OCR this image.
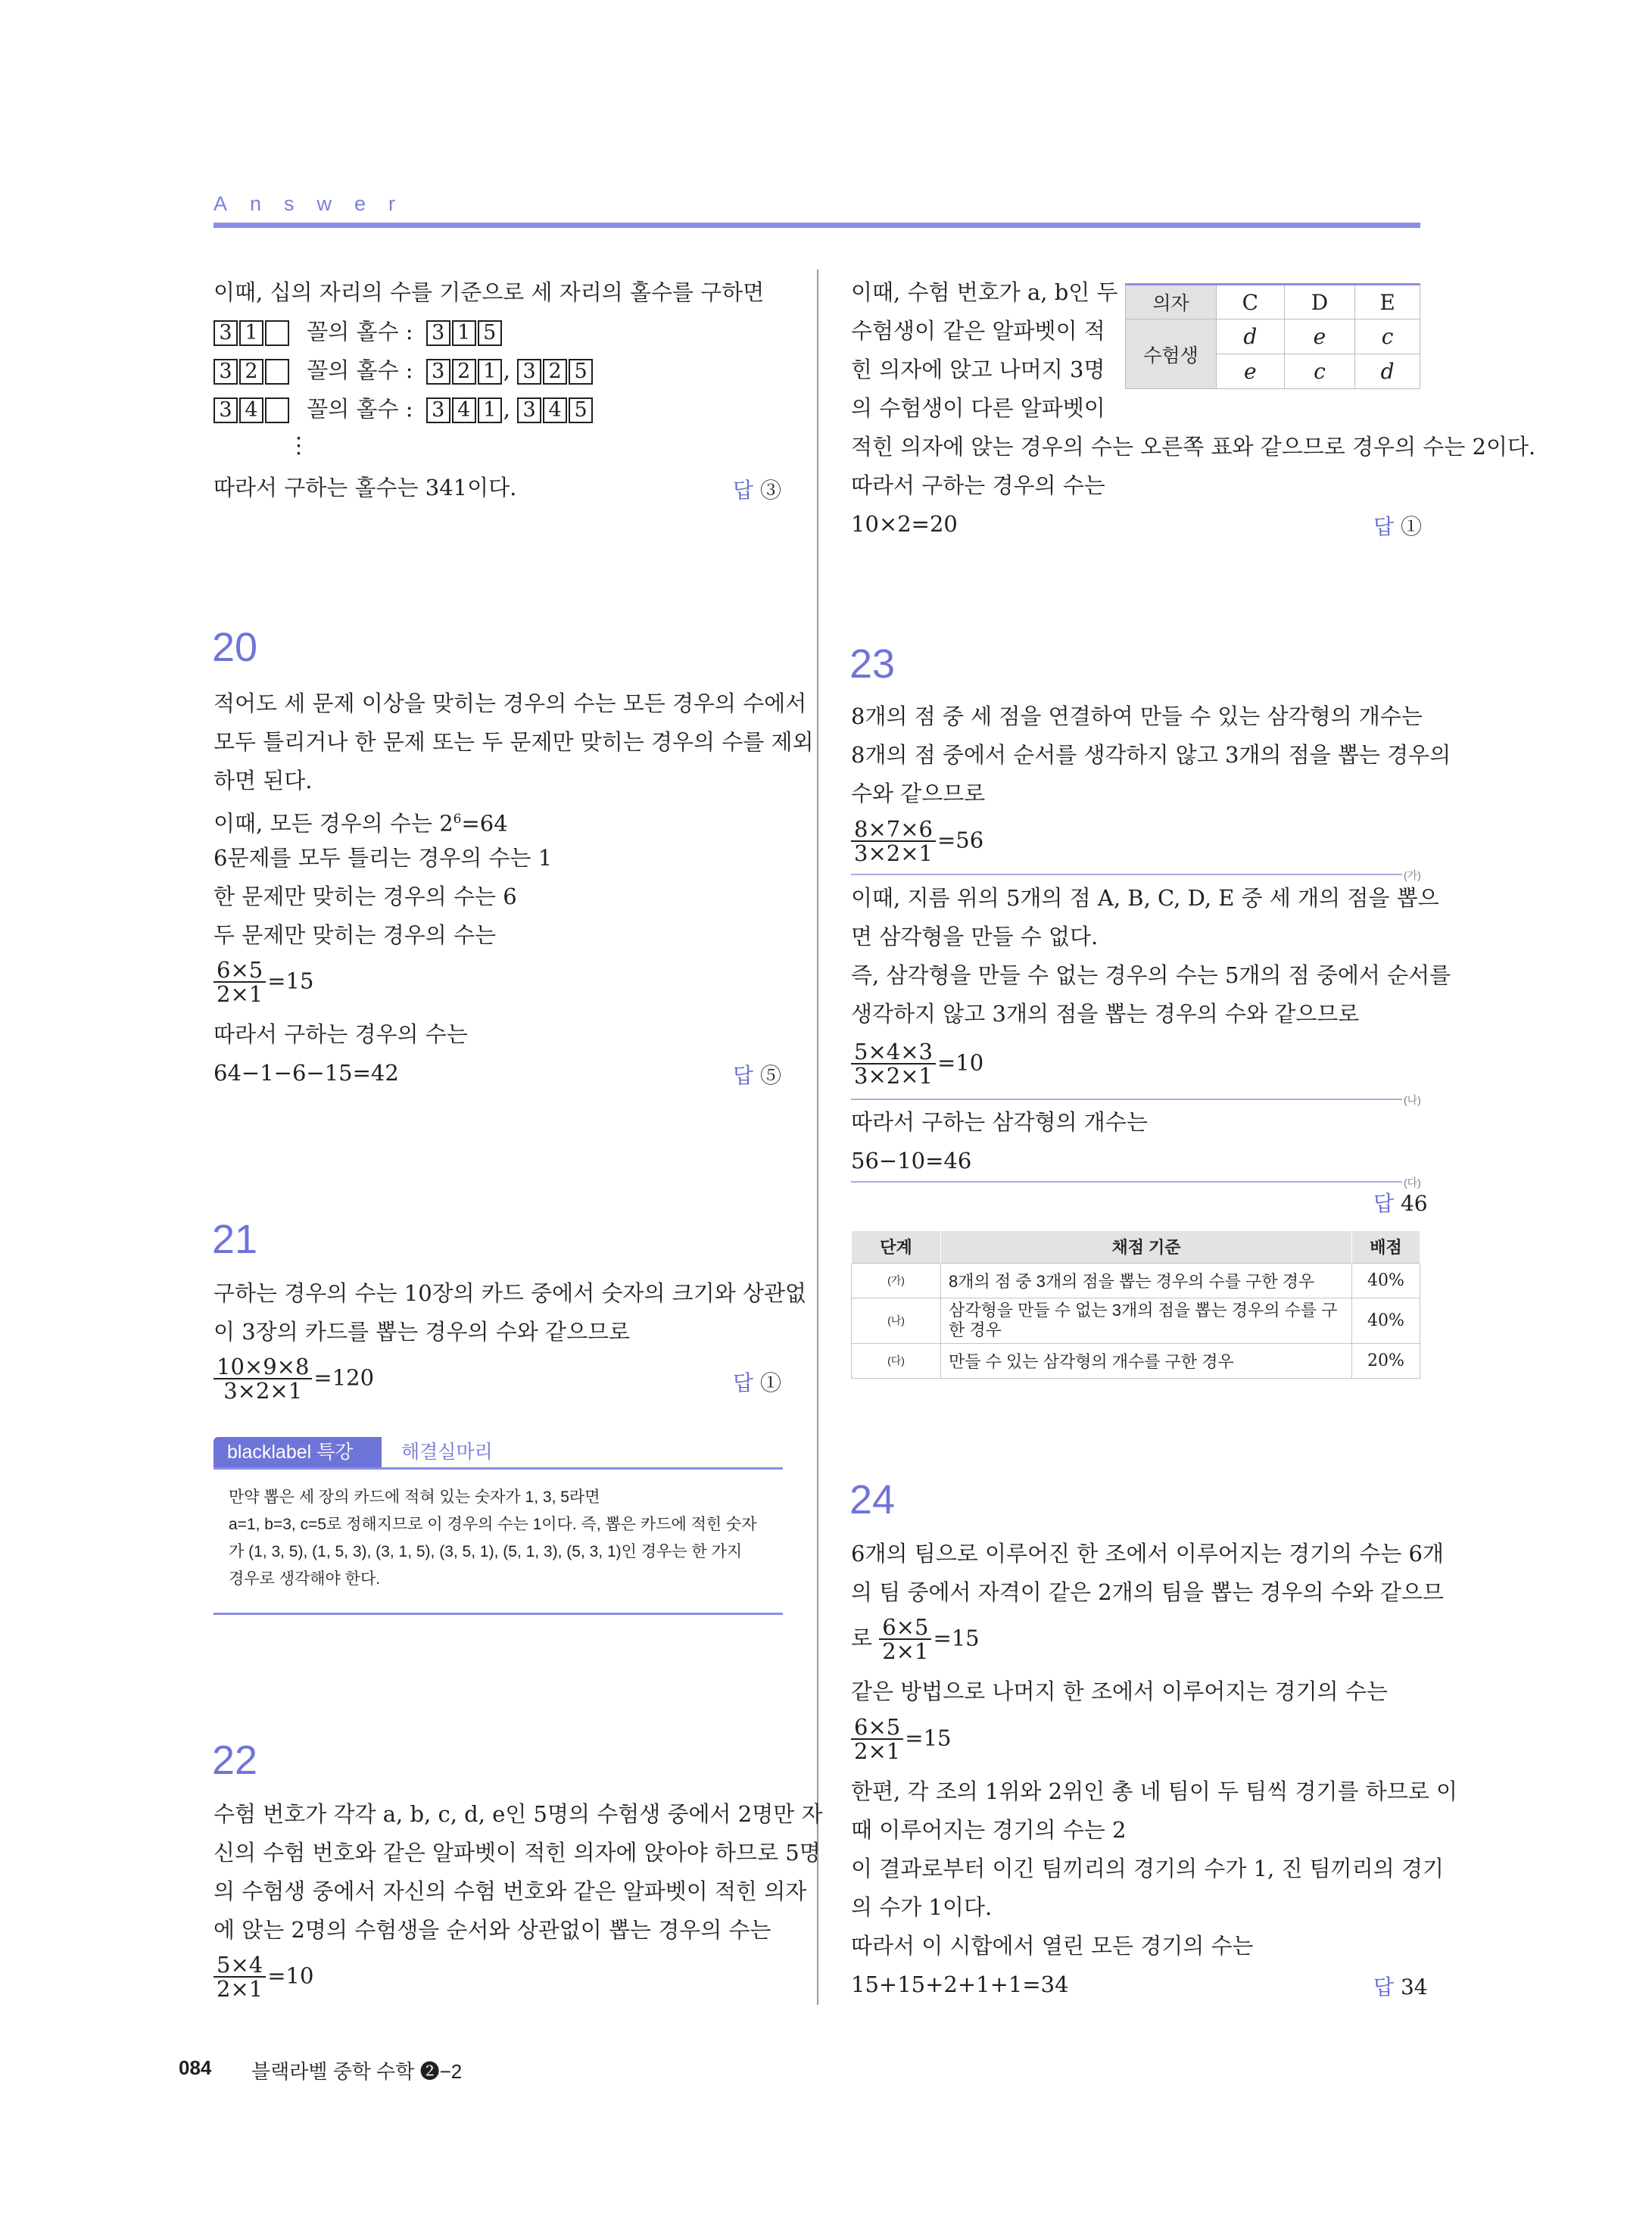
Answer
이때, 십의 자리의 수를 기준으로 세 자리의 홀수를 구하면
3 1 꼴의 홀수 : 3 1 5
3 2 꼴의 홀수 : 3 2 1 , 3 2 5
3 4 꼴의 홀수 : 3 4 1 , 3 4 5
⋮
따라서 구하는 홀수는 341이다.	답 ③
20
적어도 세 문제 이상을 맞히는 경우의 수는 모든 경우의 수에서
모두 틀리거나 한 문제 또는 두 문제만 맞히는 경우의 수를 제외
하면 된다.
이때, 모든 경우의 수는 $2^6=64$
6문제를 모두 틀리는 경우의 수는 1
한 문제만 맞히는 경우의 수는 6
두 문제만 맞히는 경우의 수는
$\frac{6\times 5}{2\times 1} =15$
따라서 구하는 경우의 수는
64−1−6−15=42	답 ⑤
21
구하는 경우의 수는 10장의 카드 중에서 숫자의 크기와 상관없
이 3장의 카드를 뽑는 경우의 수와 같으므로
$\frac{10\times 9\times 8}{3\times 2\times 1} =120$	답 ①
blacklabel 특강	해결실마리
만약 뽑은 세 장의 카드에 적혀 있는 숫자가 1, 3, 5라면
a=1, b=3, c=5로 정해지므로 이 경우의 수는 1이다. 즉, 뽑은 카드에 적힌 숫자
가 (1, 3, 5), (1, 5, 3), (3, 1, 5), (3, 5, 1), (5, 1, 3), (5, 3, 1)인 경우는 한 가지
경우로 생각해야 한다.
22
수험 번호가 각각 a, b, c, d, e인 5명의 수험생 중에서 2명만 자
신의 수험 번호와 같은 알파벳이 적힌 의자에 앉아야 하므로 5명
의 수험생 중에서 자신의 수험 번호와 같은 알파벳이 적힌 의자
에 앉는 2명의 수험생을 순서와 상관없이 뽑는 경우의 수는
$\frac{5\times 4}{2\times 1} =10$
이때, 수험 번호가 a, b인 두
수험생이 같은 알파벳이 적
힌 의자에 앉고 나머지 3명
의 수험생이 다른 알파벳이
적힌 의자에 앉는 경우의 수는 오른쪽 표와 같으므로 경우의 수는 2이다.
따라서 구하는 경우의 수는
10×2=20	답 ①
의자	C	D	E
수험생	d	e	c
	e	c	d
23
8개의 점 중 세 점을 연결하여 만들 수 있는 삼각형의 개수는
8개의 점 중에서 순서를 생각하지 않고 3개의 점을 뽑는 경우의
수와 같으므로
$\frac{8\times 7\times 6}{3\times 2\times 1} =56$
(가)
이때, 지름 위의 5개의 점 A, B, C, D, E 중 세 개의 점을 뽑으
면 삼각형을 만들 수 없다.
즉, 삼각형을 만들 수 없는 경우의 수는 5개의 점 중에서 순서를
생각하지 않고 3개의 점을 뽑는 경우의 수와 같으므로
$\frac{5\times 4\times 3}{3\times 2\times 1} =10$
(나)
따라서 구하는 삼각형의 개수는
56−10=46
(다)
답 46
단계	채점 기준	배점
(가)	8개의 점 중 3개의 점을 뽑는 경우의 수를 구한 경우	40%
(나)	삼각형을 만들 수 없는 3개의 점을 뽑는 경우의 수를 구한 경우	40%
(다)	만들 수 있는 삼각형의 개수를 구한 경우	20%
24
6개의 팀으로 이루어진 한 조에서 이루어지는 경기의 수는 6개
의 팀 중에서 자격이 같은 2개의 팀을 뽑는 경우의 수와 같으므
로 $\frac{6\times 5}{2\times 1} =15$
같은 방법으로 나머지 한 조에서 이루어지는 경기의 수는
$\frac{6\times 5}{2\times 1} =15$
한편, 각 조의 1위와 2위인 총 네 팀이 두 팀씩 경기를 하므로 이
때 이루어지는 경기의 수는 2
이 결과로부터 이긴 팀끼리의 경기의 수가 1, 진 팀끼리의 경기
의 수가 1이다.
따라서 이 시합에서 열린 모든 경기의 수는
15+15+2+1+1=34	답 34
084 블랙라벨 중학 수학 ❷−2
